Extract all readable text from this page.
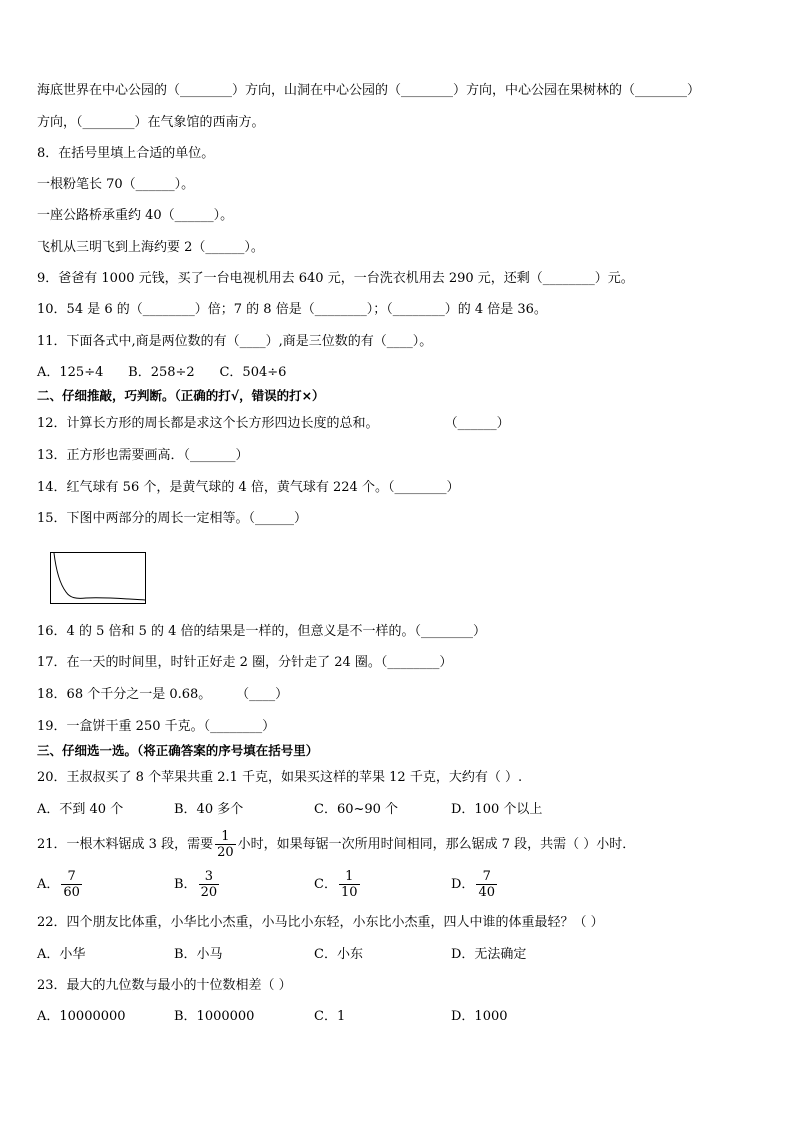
海底世界在中心公园的（________）方向，山洞在中心公园的（________）方向，中心公园在果树林的（________）
方向，（________）在气象馆的西南方。
8．在括号里填上合适的单位。
一根粉笔长 70（______）。
一座公路桥承重约 40（______）。
飞机从三明飞到上海约要 2（______）。
9．爸爸有 1000 元钱，买了一台电视机用去 640 元，一台洗衣机用去 290 元，还剩（________）元。
10．54 是 6 的（________）倍；7 的 8 倍是（________）；（________）的 4 倍是 36。
11．下面各式中,商是两位数的有（____）,商是三位数的有（____）。
A．125÷4      B．258÷2      C．504÷6
二、仔细推敲，巧判断。（正确的打√，错误的打×）
12．计算长方形的周长都是求这个长方形四边长度的总和。                （______）
13．正方形也需要画高．（_______）
14．红气球有 56 个，是黄气球的 4 倍，黄气球有 224 个。（________）
15．下图中两部分的周长一定相等。（______）
16．4 的 5 倍和 5 的 4 倍的结果是一样的，但意义是不一样的。（________）
17．在一天的时间里，时针正好走 2 圈，分针走了 24 圈。（________）
18．68 个千分之一是 0.68。      （____）
19．一盒饼干重 250 千克。（________）
三、仔细选一选。（将正确答案的序号填在括号里）
20．王叔叔买了 8 个苹果共重 2.1 千克，如果买这样的苹果 12 千克，大约有（ ）.
A．不到 40 个	B．40 多个	C．60~90 个	D．100 个以上
21．一根木料锯成 3 段，需要 $\frac{1}{20}$ 小时，如果每锯一次所用时间相同，那么锯成 7 段，共需（ ）小时．
A． $\frac{7}{60}$	B． $\frac{3}{20}$	C． $\frac{1}{10}$	D． $\frac{7}{40}$
22．四个朋友比体重，小华比小杰重，小马比小东轻，小东比小杰重，四人中谁的体重最轻？（ ）
A．小华	B．小马	C．小东	D．无法确定
23．最大的九位数与最小的十位数相差（ ）
A．10000000	B．1000000	C．1	D．1000
